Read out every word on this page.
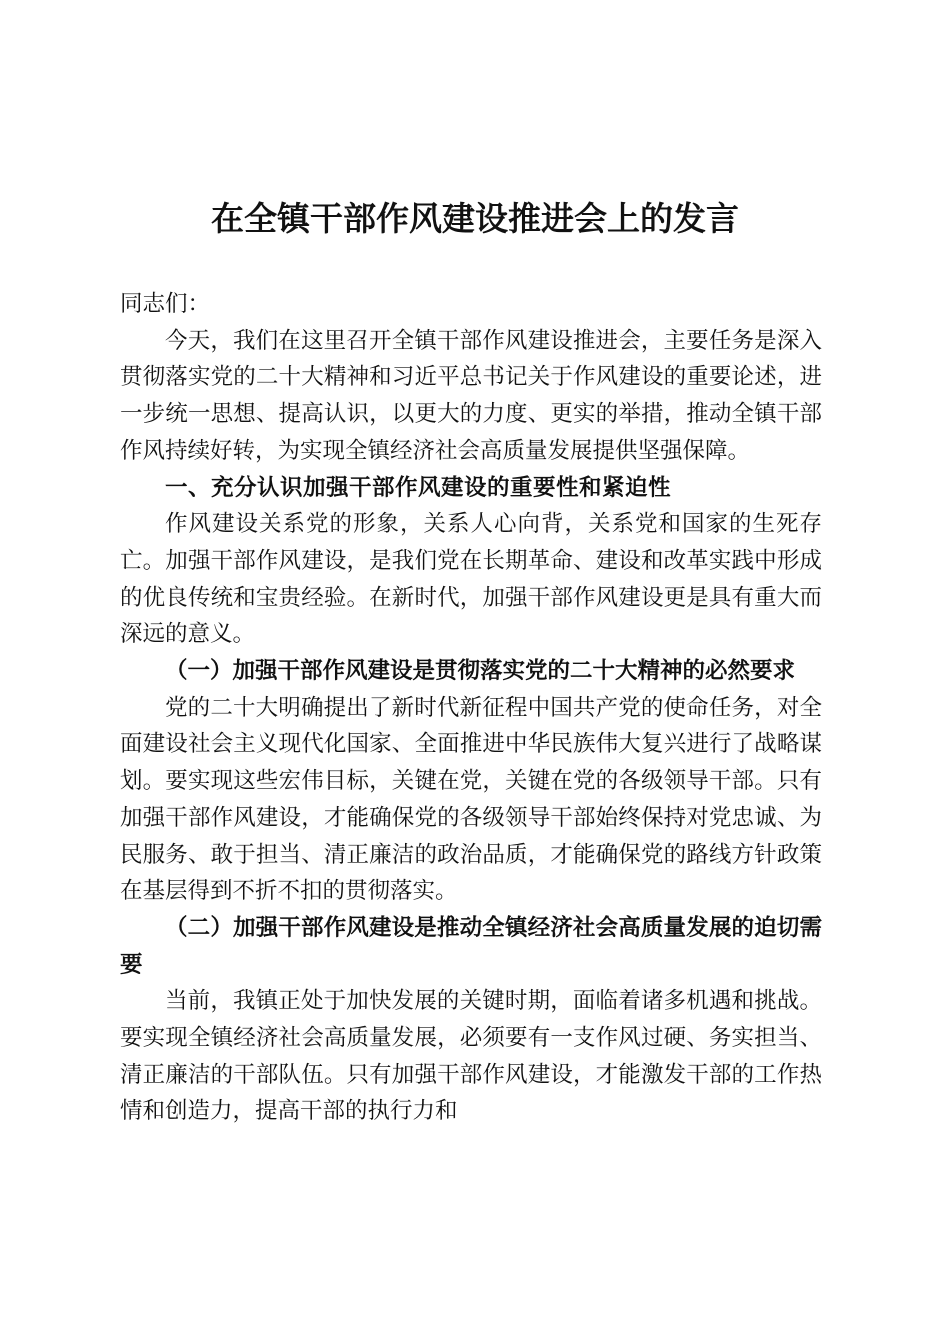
在全镇干部作风建设推进会上的发言

同志们：

今天，我们在这里召开全镇干部作风建设推进会，主要任务是深入贯彻落实党的二十大精神和习近平总书记关于作风建设的重要论述，进一步统一思想、提高认识，以更大的力度、更实的举措，推动全镇干部作风持续好转，为实现全镇经济社会高质量发展提供坚强保障。

一、充分认识加强干部作风建设的重要性和紧迫性

作风建设关系党的形象，关系人心向背，关系党和国家的生死存亡。加强干部作风建设，是我们党在长期革命、建设和改革实践中形成的优良传统和宝贵经验。在新时代，加强干部作风建设更是具有重大而深远的意义。

（一）加强干部作风建设是贯彻落实党的二十大精神的必然要求

党的二十大明确提出了新时代新征程中国共产党的使命任务，对全面建设社会主义现代化国家、全面推进中华民族伟大复兴进行了战略谋划。要实现这些宏伟目标，关键在党，关键在党的各级领导干部。只有加强干部作风建设，才能确保党的各级领导干部始终保持对党忠诚、为民服务、敢于担当、清正廉洁的政治品质，才能确保党的路线方针政策在基层得到不折不扣的贯彻落实。

（二）加强干部作风建设是推动全镇经济社会高质量发展的迫切需要

当前，我镇正处于加快发展的关键时期，面临着诸多机遇和挑战。要实现全镇经济社会高质量发展，必须要有一支作风过硬、务实担当、清正廉洁的干部队伍。只有加强干部作风建设，才能激发干部的工作热情和创造力，提高干部的执行力和
